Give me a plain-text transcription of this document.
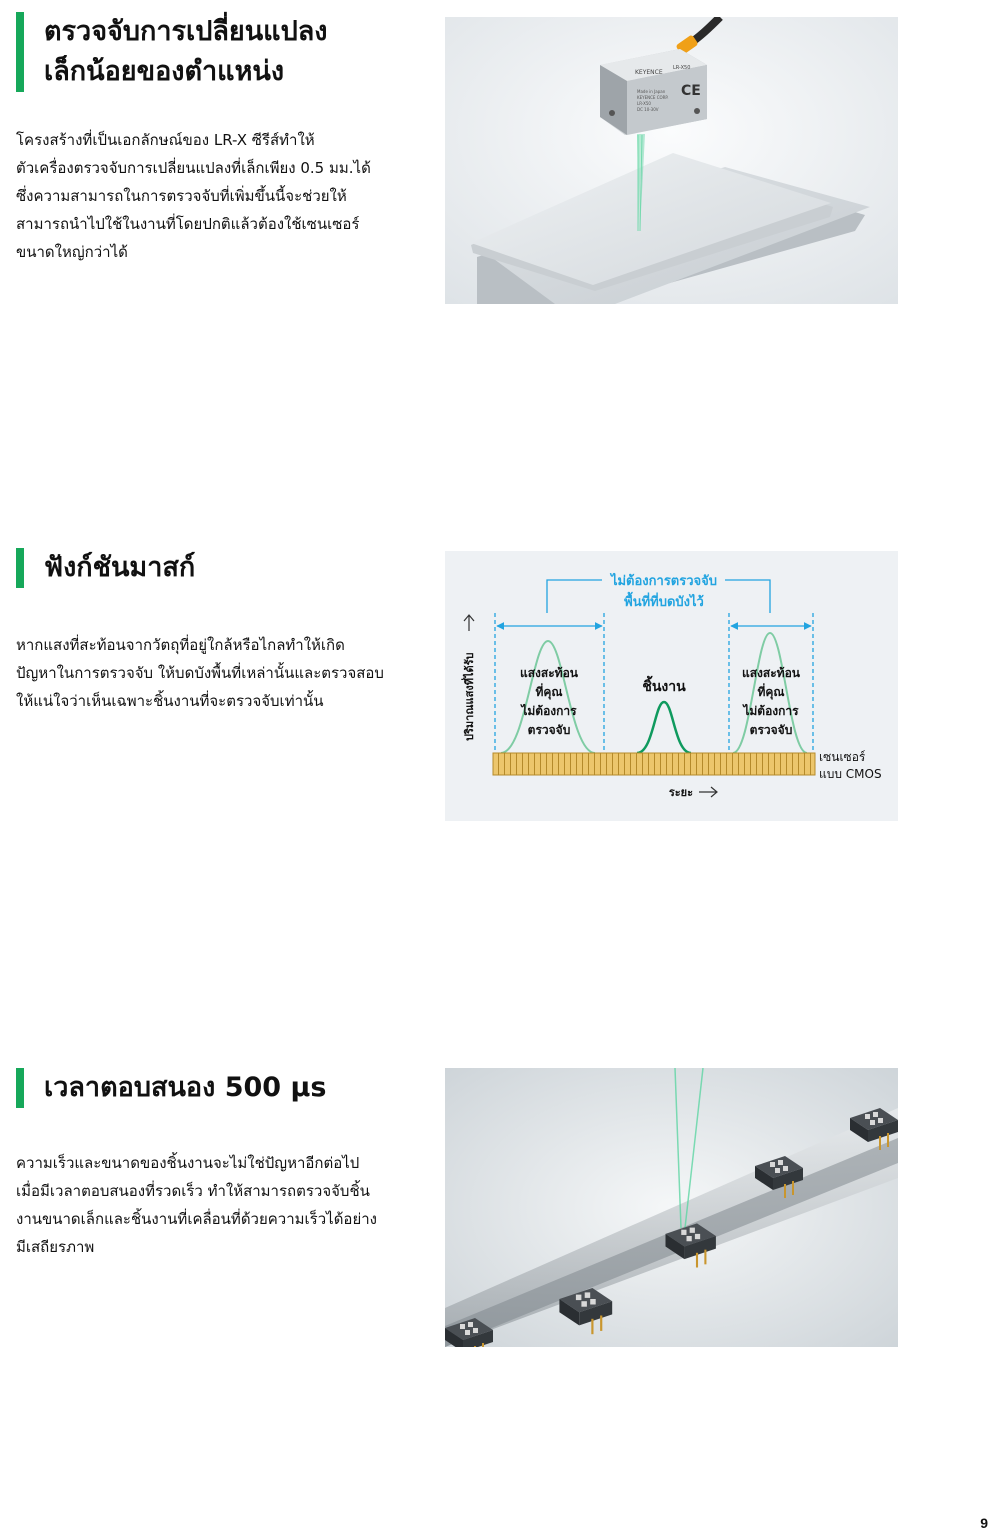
ตรวจจับการเปลี่ยนแปลง
เล็กน้อยของตำแหน่ง
โครงสร้างที่เป็นเอกลักษณ์ของ LR-X ซีรีส์ทำให้
ตัวเครื่องตรวจจับการเปลี่ยนแปลงที่เล็กเพียง 0.5 มม.ได้
ซึ่งความสามารถในการตรวจจับที่เพิ่มขึ้นนี้จะช่วยให้
สามารถนำไปใช้ในงานที่โดยปกติแล้วต้องใช้เซนเซอร์
ขนาดใหญ่กว่าได้
KEYENCE
LR-X50
CE
Made in Japan
KEYENCE CORP.
LR-X50
DC 10-30V
ฟังก์ชันมาสก์
หากแสงที่สะท้อนจากวัตถุที่อยู่ใกล้หรือไกลทำให้เกิด
ปัญหาในการตรวจจับ ให้บดบังพื้นที่เหล่านั้นและตรวจสอบ
ให้แน่ใจว่าเห็นเฉพาะชิ้นงานที่จะตรวจจับเท่านั้น
ไม่ต้องการตรวจจับ
พื้นที่ที่บดบังไว้
แสงสะท้อน
ที่คุณ
ไม่ต้องการ
ตรวจจับ
แสงสะท้อน
ที่คุณ
ไม่ต้องการ
ตรวจจับ
ชิ้นงาน
เซนเซอร์
แบบ CMOS
ปริมาณแสงที่ได้รับ
ระยะ
เวลาตอบสนอง 500 μs
ความเร็วและขนาดของชิ้นงานจะไม่ใช่ปัญหาอีกต่อไป
เมื่อมีเวลาตอบสนองที่รวดเร็ว ทำให้สามารถตรวจจับชิ้น
งานขนาดเล็กและชิ้นงานที่เคลื่อนที่ด้วยความเร็วได้อย่าง
มีเสถียรภาพ
9
